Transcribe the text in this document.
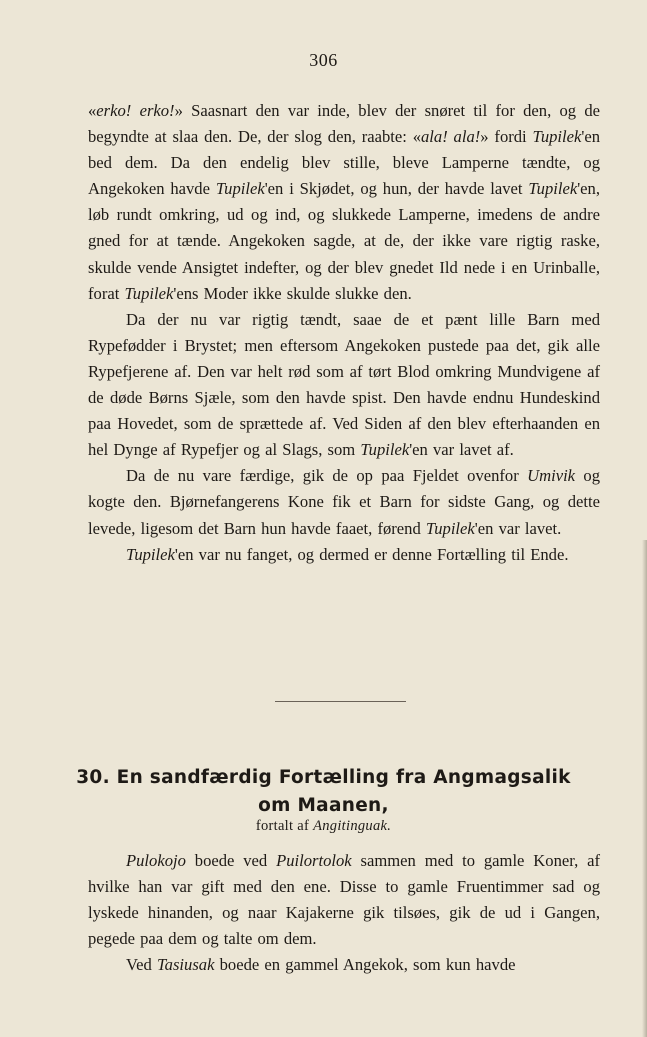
306

«erko! erko!» Saasnart den var inde, blev der snøret til for den, og de begyndte at slaa den. De, der slog den, raabte: «ala! ala!» fordi Tupilek'en bed dem. Da den endelig blev stille, bleve Lamperne tændte, og Angekoken havde Tupilek'en i Skjødet, og hun, der havde lavet Tupilek'en, løb rundt omkring, ud og ind, og slukkede Lamperne, imedens de andre gned for at tænde. Angekoken sagde, at de, der ikke vare rigtig raske, skulde vende Ansigtet indefter, og der blev gnedet Ild nede i en Urinballe, forat Tupilek'ens Moder ikke skulde slukke den.

Da der nu var rigtig tændt, saae de et pænt lille Barn med Rypefødder i Brystet; men eftersom Angekoken pustede paa det, gik alle Rypefjerene af. Den var helt rød som af tørt Blod omkring Mundvigene af de døde Børns Sjæle, som den havde spist. Den havde endnu Hundeskind paa Hovedet, som de sprættede af. Ved Siden af den blev efterhaanden en hel Dynge af Rypefjer og al Slags, som Tupilek'en var lavet af.

Da de nu vare færdige, gik de op paa Fjeldet ovenfor Umivik og kogte den. Bjørnefangerens Kone fik et Barn for sidste Gang, og dette levede, ligesom det Barn hun havde faaet, førend Tupilek'en var lavet.

Tupilek'en var nu fanget, og dermed er denne Fortælling til Ende.

30. En sandfærdig Fortælling fra Angmagsalik
om Maanen,
fortalt af Angitinguak.

Pulokojo boede ved Puilortolok sammen med to gamle Koner, af hvilke han var gift med den ene. Disse to gamle Fruentimmer sad og lyskede hinanden, og naar Kajakerne gik tilsøes, gik de ud i Gangen, pegede paa dem og talte om dem.

Ved Tasiusak boede en gammel Angekok, som kun havde
